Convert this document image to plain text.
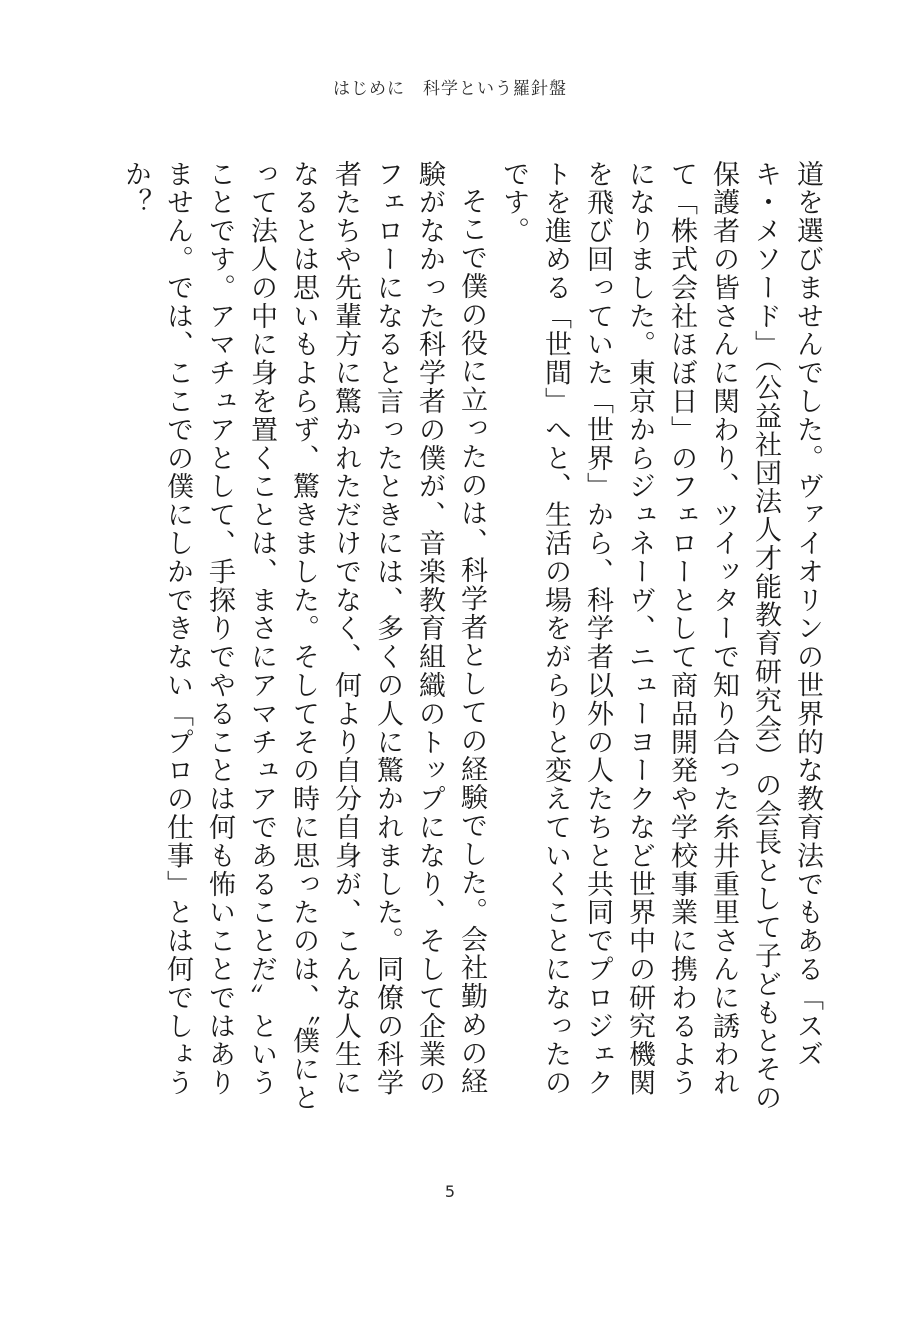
はじめに　科学という羅針盤

道を選びませんでした。ヴァイオリンの世界的な教育法でもある「スズキ・メソード」（公益社団法人才能教育研究会）の会長として子どもとその保護者の皆さんに関わり、ツイッターで知り合った糸井重里さんに誘われて「株式会社ほぼ日」のフェローとして商品開発や学校事業に携わるようになりました。東京からジュネーヴ、ニューヨークなど世界中の研究機関を飛び回っていた「世界」から、科学者以外の人たちと共同でプロジェクトを進める「世間」へと、生活の場をがらりと変えていくことになったのです。

そこで僕の役に立ったのは、科学者としての経験でした。会社勤めの経験がなかった科学者の僕が、音楽教育組織のトップになり、そして企業のフェローになると言ったときには、多くの人に驚かれました。同僚の科学者たちや先輩方に驚かれただけでなく、何より自分自身が、こんな人生になるとは思いもよらず、驚きました。そしてその時に思ったのは、〝僕にとって法人の中に身を置くことは、まさにアマチュアであることだ〟ということです。アマチュアとして、手探りでやることは何も怖いことではありません。では、ここでの僕にしかできない「プロの仕事」とは何でしょうか？

5
